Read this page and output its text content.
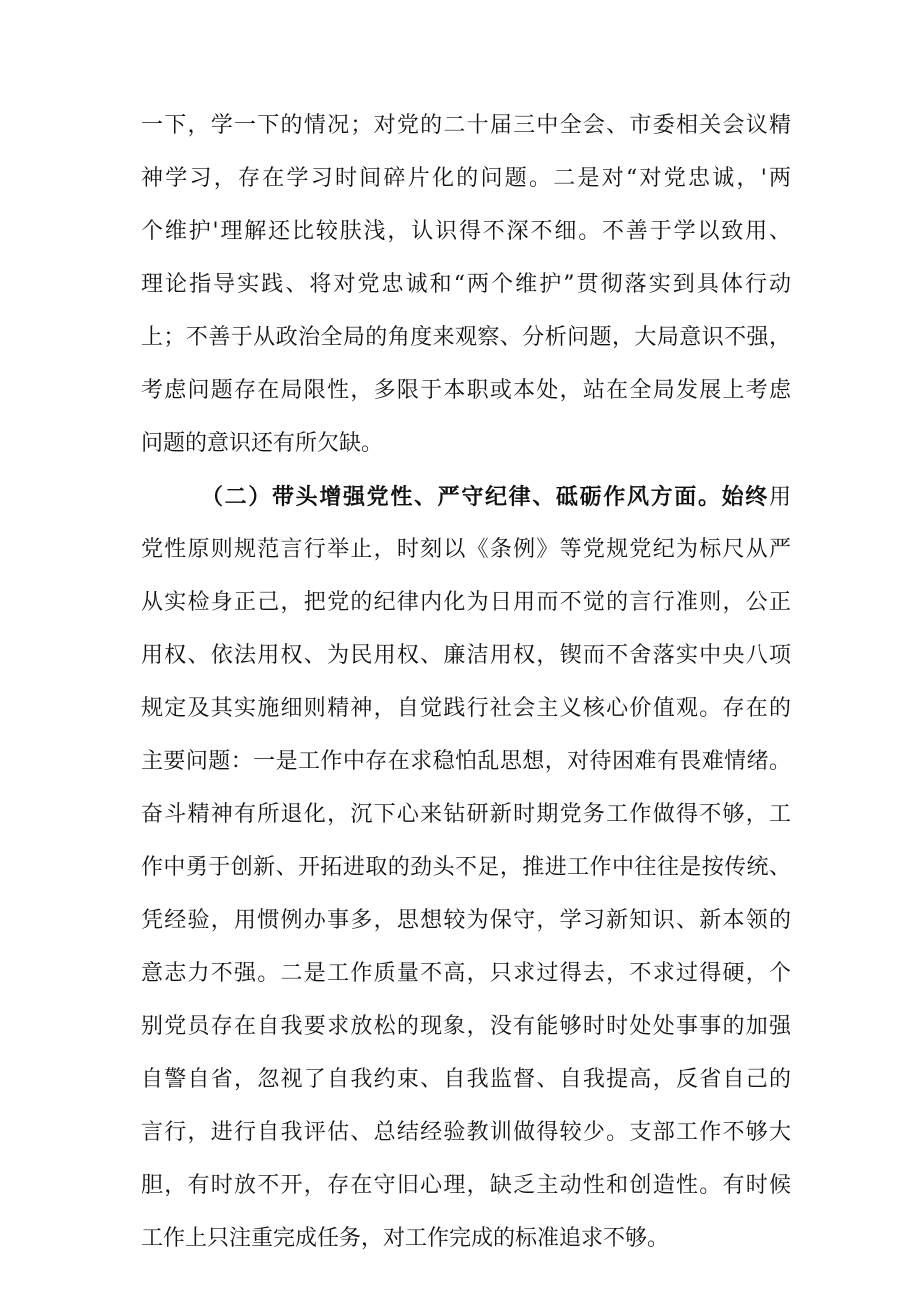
一下，学一下的情况；对党的二十届三中全会、市委相关会议精
神学习，存在学习时间碎片化的问题。二是对“对党忠诚，'两
个维护'理解还比较肤浅，认识得不深不细。不善于学以致用、
理论指导实践、将对党忠诚和“两个维护”贯彻落实到具体行动
上；不善于从政治全局的角度来观察、分析问题，大局意识不强，
考虑问题存在局限性，多限于本职或本处，站在全局发展上考虑
问题的意识还有所欠缺。
（二）带头增强党性、严守纪律、砥砺作风方面。始终用
党性原则规范言行举止，时刻以《条例》等党规党纪为标尺从严
从实检身正己，把党的纪律内化为日用而不觉的言行准则，公正
用权、依法用权、为民用权、廉洁用权，锲而不舍落实中央八项
规定及其实施细则精神，自觉践行社会主义核心价值观。存在的
主要问题：一是工作中存在求稳怕乱思想，对待困难有畏难情绪。
奋斗精神有所退化，沉下心来钻研新时期党务工作做得不够，工
作中勇于创新、开拓进取的劲头不足，推进工作中往往是按传统、
凭经验，用惯例办事多，思想较为保守，学习新知识、新本领的
意志力不强。二是工作质量不高，只求过得去，不求过得硬，个
别党员存在自我要求放松的现象，没有能够时时处处事事的加强
自警自省，忽视了自我约束、自我监督、自我提高，反省自己的
言行，进行自我评估、总结经验教训做得较少。支部工作不够大
胆，有时放不开，存在守旧心理，缺乏主动性和创造性。有时候
工作上只注重完成任务，对工作完成的标准追求不够。
